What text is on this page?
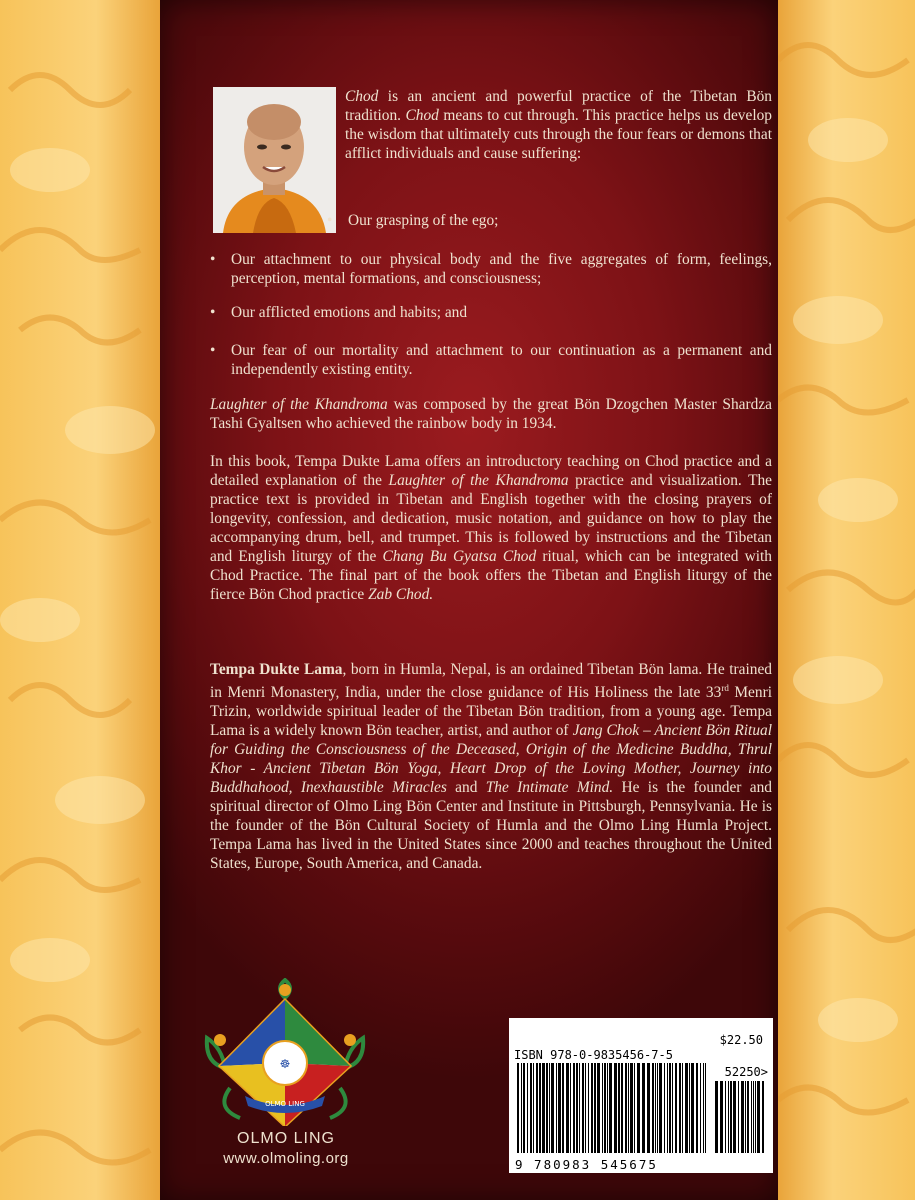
Chod is an ancient and powerful practice of the Tibetan Bön tradition. Chod means to cut through. This practice helps us develop the wisdom that ultimately cuts through the four fears or demons that afflict individuals and cause suffering:
• Our grasping of the ego;
• Our attachment to our physical body and the five aggregates of form, feelings, perception, mental formations, and consciousness;
• Our afflicted emotions and habits; and
• Our fear of our mortality and attachment to our continuation as a permanent and independently existing entity.
Laughter of the Khandroma was composed by the great Bön Dzogchen Master Shardza Tashi Gyaltsen who achieved the rainbow body in 1934.
In this book, Tempa Dukte Lama offers an introductory teaching on Chod practice and a detailed explanation of the Laughter of the Khandroma practice and visualization. The practice text is provided in Tibetan and English together with the closing prayers of longevity, confession, and dedication, music notation, and guidance on how to play the accompanying drum, bell, and trumpet. This is followed by instructions and the Tibetan and English liturgy of the Chang Bu Gyatsa Chod ritual, which can be integrated with Chod Practice. The final part of the book offers the Tibetan and English liturgy of the fierce Bön Chod practice Zab Chod.
Tempa Dukte Lama, born in Humla, Nepal, is an ordained Tibetan Bön lama. He trained in Menri Monastery, India, under the close guidance of His Holiness the late 33rd Menri Trizin, worldwide spiritual leader of the Tibetan Bön tradition, from a young age. Tempa Lama is a widely known Bön teacher, artist, and author of Jang Chok – Ancient Bön Ritual for Guiding the Consciousness of the Deceased, Origin of the Medicine Buddha, Thrul Khor - Ancient Tibetan Bön Yoga, Heart Drop of the Loving Mother, Journey into Buddhahood, Inexhaustible Miracles and The Intimate Mind. He is the founder and spiritual director of Olmo Ling Bön Center and Institute in Pittsburgh, Pennsylvania. He is the founder of the Bön Cultural Society of Humla and the Olmo Ling Humla Project. Tempa Lama has lived in the United States since 2000 and teaches throughout the United States, Europe, South America, and Canada.
☸
OLMO LING
OLMO LING
www.olmoling.org
$22.50
ISBN 978-0-9835456-7-5
52250>
9 780983 545675
